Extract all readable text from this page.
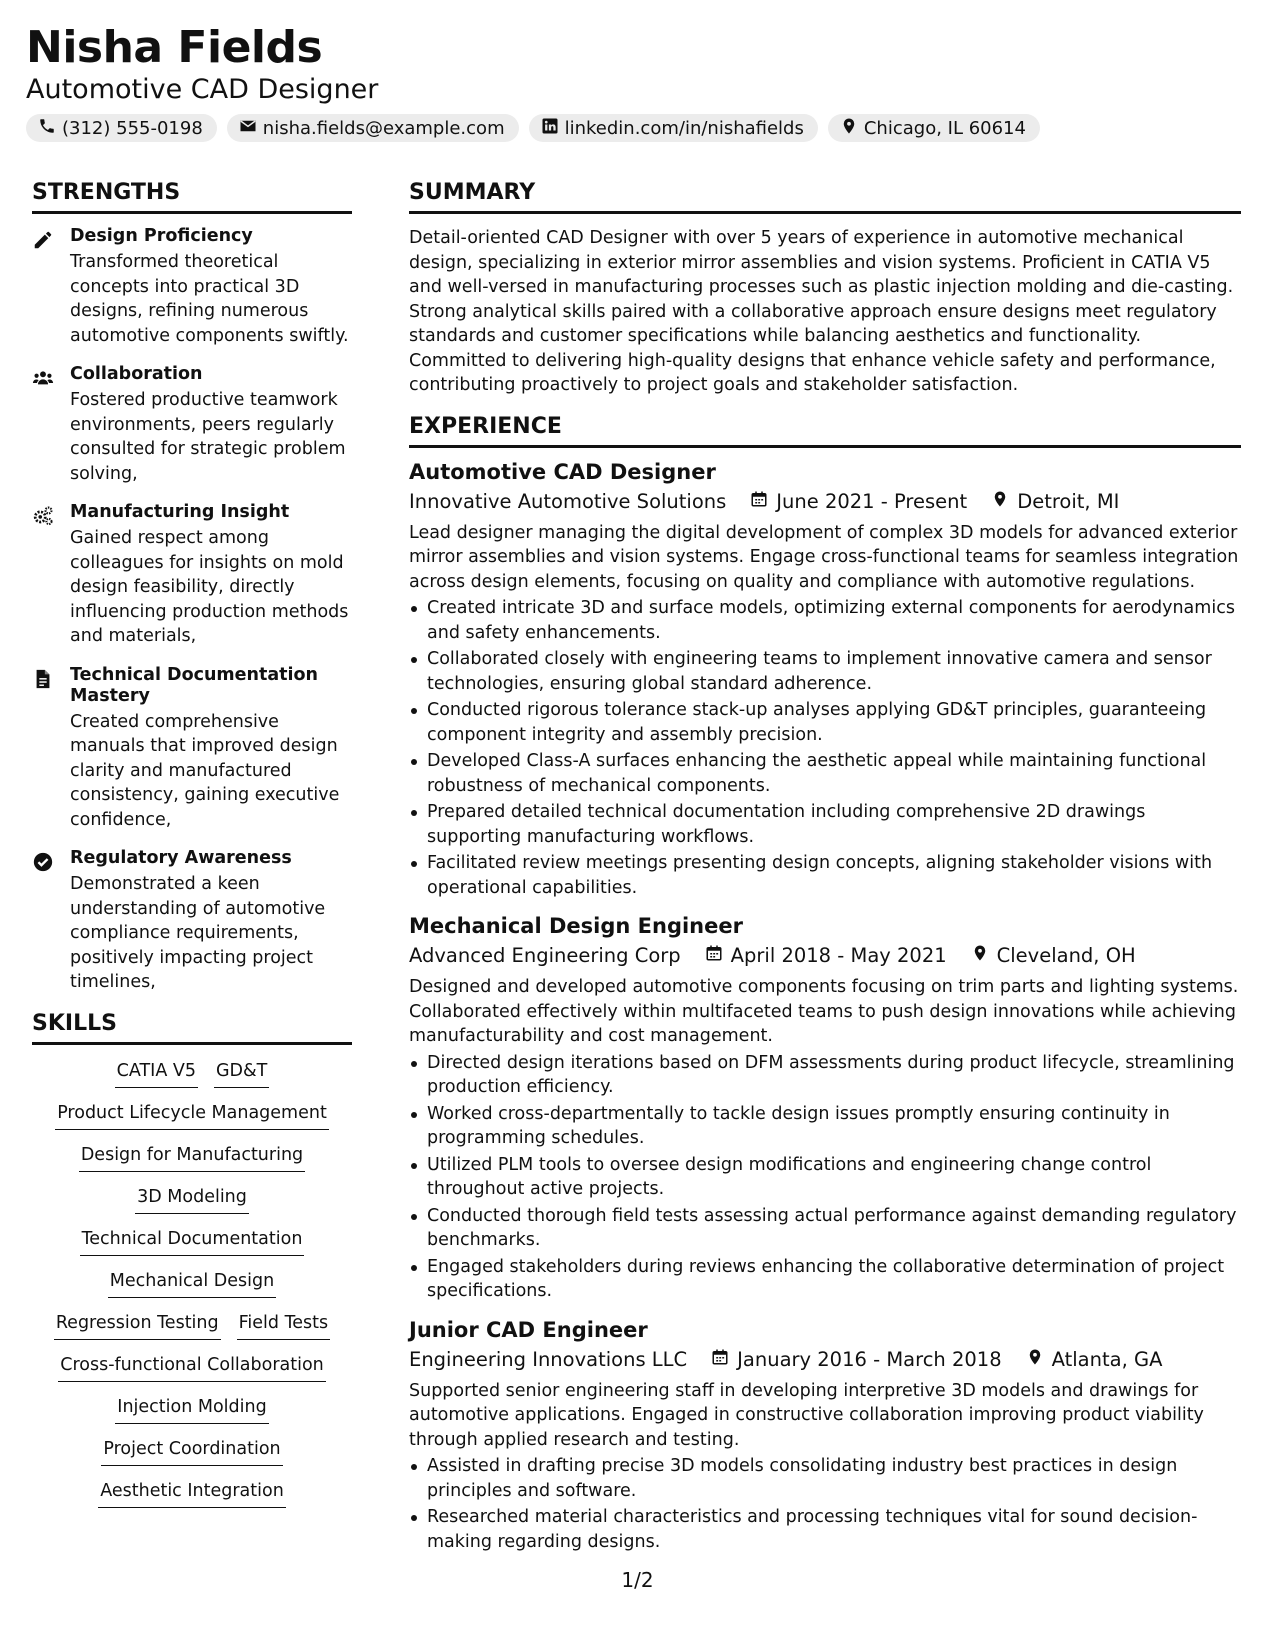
Nisha Fields
Automotive CAD Designer
(312) 555-0198	nisha.fields@example.com	linkedin.com/in/nishafields	Chicago, IL 60614
STRENGTHS
Design Proficiency
Transformed theoretical concepts into practical 3D designs, refining numerous automotive components swiftly.
Collaboration
Fostered productive teamwork environments, peers regularly consulted for strategic problem solving,
Manufacturing Insight
Gained respect among colleagues for insights on mold design feasibility, directly influencing production methods and materials,
Technical Documentation Mastery
Created comprehensive manuals that improved design clarity and manufactured consistency, gaining executive confidence,
Regulatory Awareness
Demonstrated a keen understanding of automotive compliance requirements, positively impacting project timelines,
SKILLS
CATIA V5 GD&T
Product Lifecycle Management
Design for Manufacturing
3D Modeling
Technical Documentation
Mechanical Design
Regression Testing Field Tests
Cross-functional Collaboration
Injection Molding
Project Coordination
Aesthetic Integration
SUMMARY
Detail-oriented CAD Designer with over 5 years of experience in automotive mechanical design, specializing in exterior mirror assemblies and vision systems. Proficient in CATIA V5 and well-versed in manufacturing processes such as plastic injection molding and die-casting. Strong analytical skills paired with a collaborative approach ensure designs meet regulatory standards and customer specifications while balancing aesthetics and functionality. Committed to delivering high-quality designs that enhance vehicle safety and performance, contributing proactively to project goals and stakeholder satisfaction.
EXPERIENCE
Automotive CAD Designer
Innovative Automotive Solutions	June 2021 - Present	Detroit, MI
Lead designer managing the digital development of complex 3D models for advanced exterior mirror assemblies and vision systems. Engage cross-functional teams for seamless integration across design elements, focusing on quality and compliance with automotive regulations.
Created intricate 3D and surface models, optimizing external components for aerodynamics and safety enhancements.
Collaborated closely with engineering teams to implement innovative camera and sensor technologies, ensuring global standard adherence.
Conducted rigorous tolerance stack-up analyses applying GD&T principles, guaranteeing component integrity and assembly precision.
Developed Class-A surfaces enhancing the aesthetic appeal while maintaining functional robustness of mechanical components.
Prepared detailed technical documentation including comprehensive 2D drawings supporting manufacturing workflows.
Facilitated review meetings presenting design concepts, aligning stakeholder visions with operational capabilities.
Mechanical Design Engineer
Advanced Engineering Corp	April 2018 - May 2021	Cleveland, OH
Designed and developed automotive components focusing on trim parts and lighting systems. Collaborated effectively within multifaceted teams to push design innovations while achieving manufacturability and cost management.
Directed design iterations based on DFM assessments during product lifecycle, streamlining production efficiency.
Worked cross-departmentally to tackle design issues promptly ensuring continuity in programming schedules.
Utilized PLM tools to oversee design modifications and engineering change control throughout active projects.
Conducted thorough field tests assessing actual performance against demanding regulatory benchmarks.
Engaged stakeholders during reviews enhancing the collaborative determination of project specifications.
Junior CAD Engineer
Engineering Innovations LLC	January 2016 - March 2018	Atlanta, GA
Supported senior engineering staff in developing interpretive 3D models and drawings for automotive applications. Engaged in constructive collaboration improving product viability through applied research and testing.
Assisted in drafting precise 3D models consolidating industry best practices in design principles and software.
Researched material characteristics and processing techniques vital for sound decision-making regarding designs.
1/2
